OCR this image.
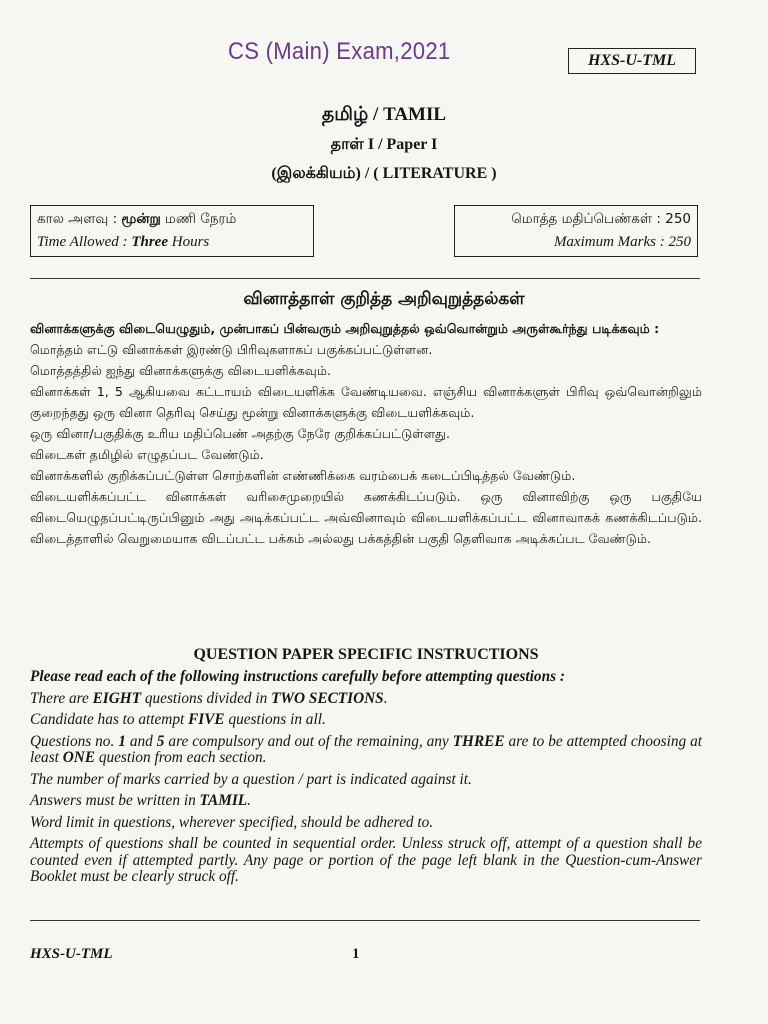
CS (Main) Exam,2021	HXS-U-TML
தமிழ் / TAMIL
தாள் I / Paper I
(இலக்கியம்) / ( LITERATURE )
கால அளவு : மூன்று மணி நேரம்
Time Allowed : Three Hours
மொத்த மதிப்பெண்கள் : 250
Maximum Marks : 250
வினாத்தாள் குறித்த அறிவுறுத்தல்கள்

வினாக்களுக்கு விடையெழுதும், முன்பாகப் பின்வரும் அறிவுறுத்தல் ஒவ்வொன்றும் அருள்கூர்ந்து படிக்கவும் :

மொத்தம் எட்டு வினாக்கள் இரண்டு பிரிவுகளாகப் பகுக்கப்பட்டுள்ளன.

மொத்தத்தில் ஐந்து வினாக்களுக்கு விடையளிக்கவும்.

வினாக்கள் 1, 5 ஆகியவை கட்டாயம் விடையளிக்க வேண்டியவை. எஞ்சிய வினாக்களுள் பிரிவு ஒவ்வொன்றிலும் குறைந்தது ஒரு வினா தெரிவு செய்து மூன்று வினாக்களுக்கு விடையளிக்கவும்.

ஒரு வினா/பகுதிக்கு உரிய மதிப்பெண் அதற்கு நேரே குறிக்கப்பட்டுள்ளது.

விடைகள் தமிழில் எழுதப்பட வேண்டும்.

வினாக்களில் குறிக்கப்பட்டுள்ள சொற்களின் எண்ணிக்கை வரம்பைக் கடைப்பிடித்தல் வேண்டும்.

விடையளிக்கப்பட்ட வினாக்கள் வரிசைமுறையில் கணக்கிடப்படும். ஒரு வினாவிற்கு ஒரு பகுதியே விடையெழுதப்பட்டிருப்பினும் அது அடிக்கப்பட்ட அவ்வினாவும் விடையளிக்கப்பட்ட வினாவாகக் கணக்கிடப்படும். விடைத்தாளில் வெறுமையாக விடப்பட்ட பக்கம் அல்லது பக்கத்தின் பகுதி தெளிவாக அடிக்கப்பட வேண்டும்.

QUESTION PAPER SPECIFIC INSTRUCTIONS

Please read each of the following instructions carefully before attempting questions :

There are EIGHT questions divided in TWO SECTIONS.

Candidate has to attempt FIVE questions in all.

Questions no. 1 and 5 are compulsory and out of the remaining, any THREE are to be attempted choosing at least ONE question from each section.

The number of marks carried by a question / part is indicated against it.

Answers must be written in TAMIL.

Word limit in questions, wherever specified, should be adhered to.

Attempts of questions shall be counted in sequential order. Unless struck off, attempt of a question shall be counted even if attempted partly. Any page or portion of the page left blank in the Question-cum-Answer Booklet must be clearly struck off.

HXS-U-TML	1
